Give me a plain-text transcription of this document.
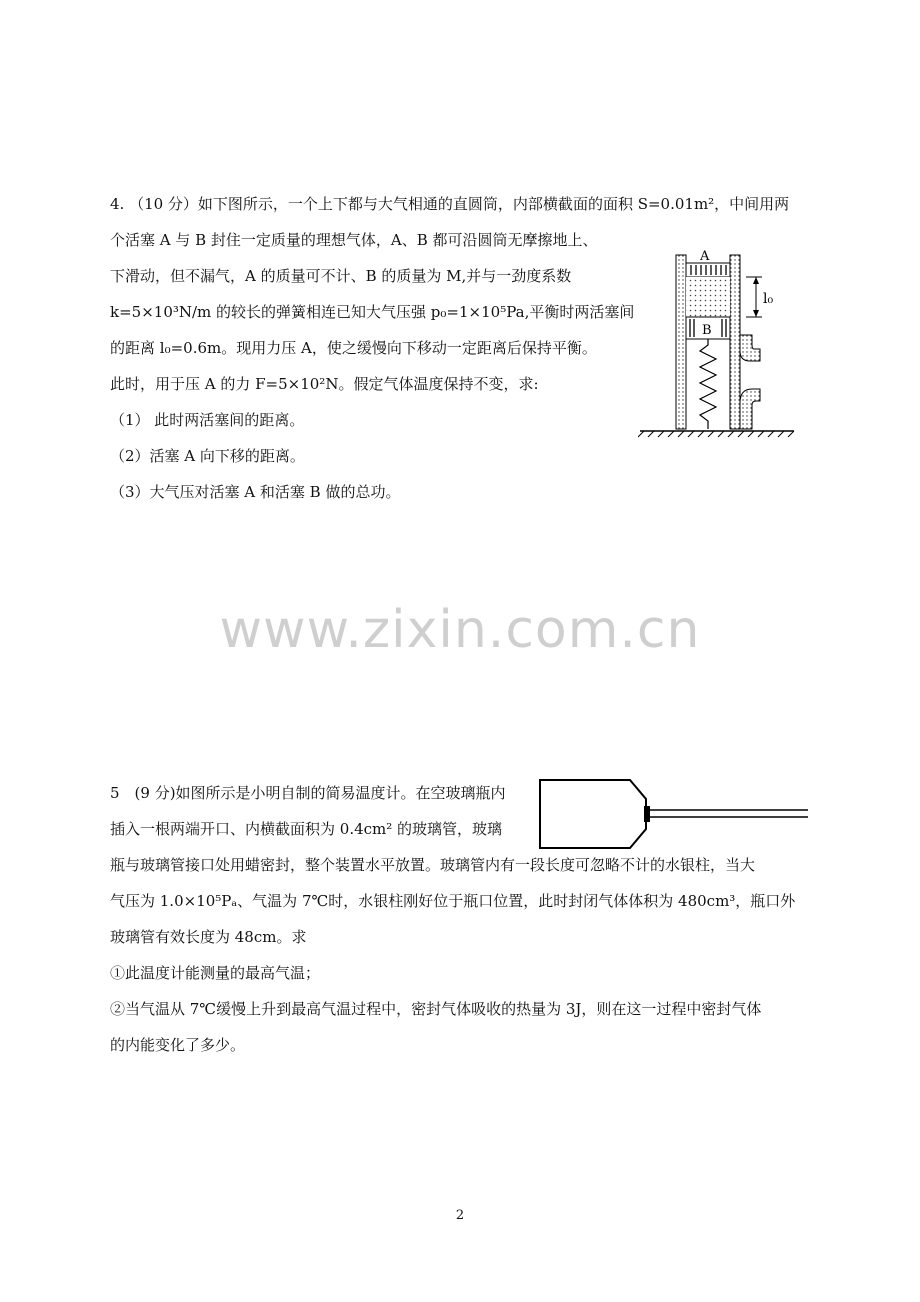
4. （10 分）如下图所示，一个上下都与大气相通的直圆筒，内部横截面的面积 S=0.01m²，中间用两
个活塞 A 与 B 封住一定质量的理想气体，A、B 都可沿圆筒无摩擦地上、
下滑动，但不漏气，A 的质量可不计、B 的质量为 M,并与一劲度系数
k=5×10³N/m 的较长的弹簧相连已知大气压强 p₀=1×10⁵Pa,平衡时两活塞间
的距离 l₀=0.6m。现用力压 A，使之缓慢向下移动一定距离后保持平衡。
此时，用于压 A 的力 F=5×10²N。假定气体温度保持不变，求:
（1） 此时两活塞间的距离。
（2）活塞 A 向下移的距离。
（3）大气压对活塞 A 和活塞 B 做的总功。
A
B
l₀
www.zixin.com.cn
5　(9 分)如图所示是小明自制的简易温度计。在空玻璃瓶内
插入一根两端开口、内横截面积为 0.4cm² 的玻璃管，玻璃
瓶与玻璃管接口处用蜡密封，整个装置水平放置。玻璃管内有一段长度可忽略不计的水银柱，当大
气压为 1.0×10⁵Pₐ、气温为 7℃时，水银柱刚好位于瓶口位置，此时封闭气体体积为 480cm³，瓶口外
玻璃管有效长度为 48cm。求
①此温度计能测量的最高气温；
②当气温从 7℃缓慢上升到最高气温过程中，密封气体吸收的热量为 3J，则在这一过程中密封气体
的内能变化了多少。
2
